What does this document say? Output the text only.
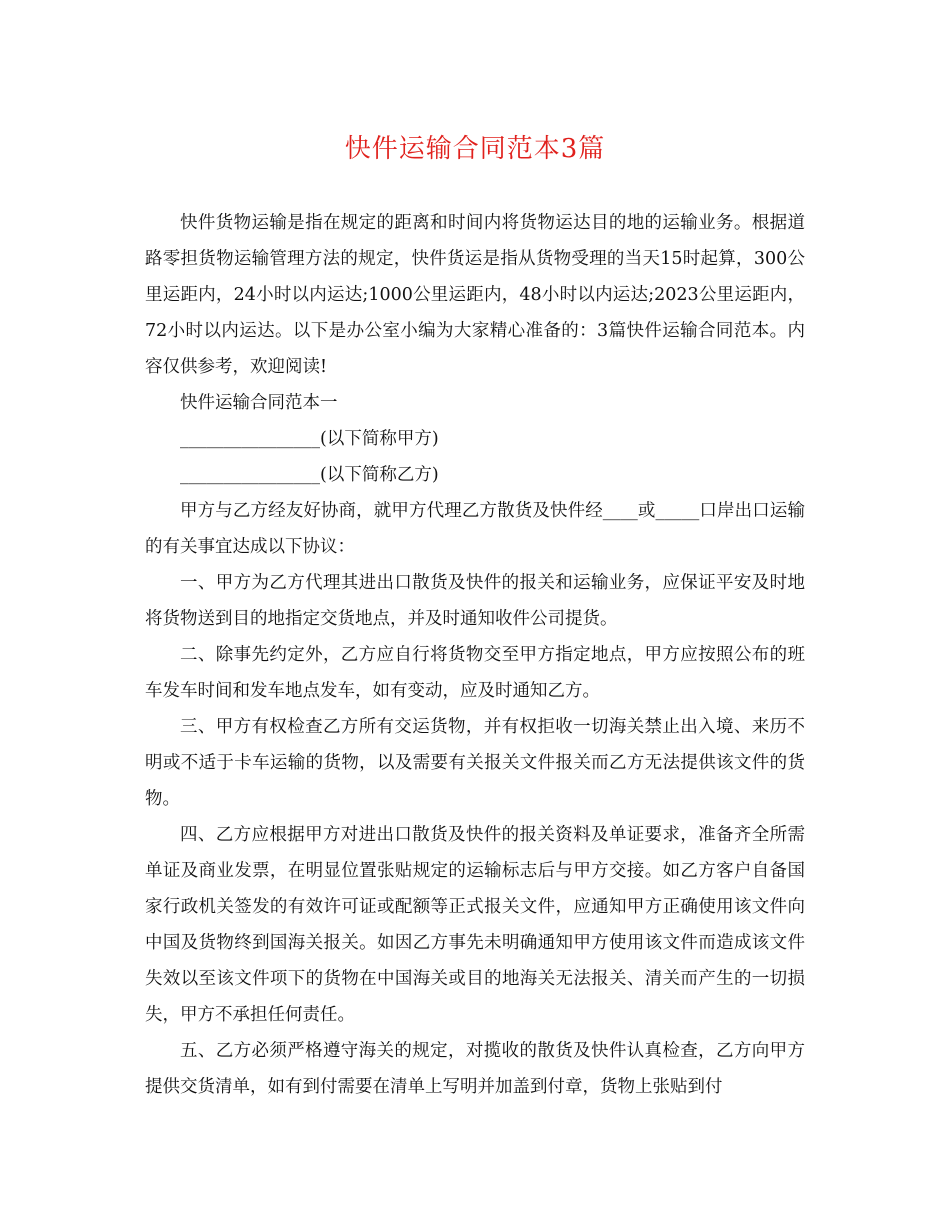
快件运输合同范本3篇

快件货物运输是指在规定的距离和时间内将货物运达目的地的运输业务。根据道路零担货物运输管理方法的规定，快件货运是指从货物受理的当天15时起算，300公里运距内，24小时以内运达;1000公里运距内，48小时以内运达;2023公里运距内，72小时以内运达。以下是办公室小编为大家精心准备的：3篇快件运输合同范本。内容仅供参考，欢迎阅读!

快件运输合同范本一

________________(以下简称甲方)

________________(以下简称乙方)

甲方与乙方经友好协商，就甲方代理乙方散货及快件经____或_____口岸出口运输的有关事宜达成以下协议：

一、甲方为乙方代理其进出口散货及快件的报关和运输业务，应保证平安及时地将货物送到目的地指定交货地点，并及时通知收件公司提货。

二、除事先约定外，乙方应自行将货物交至甲方指定地点，甲方应按照公布的班车发车时间和发车地点发车，如有变动，应及时通知乙方。

三、甲方有权检查乙方所有交运货物，并有权拒收一切海关禁止出入境、来历不明或不适于卡车运输的货物，以及需要有关报关文件报关而乙方无法提供该文件的货物。

四、乙方应根据甲方对进出口散货及快件的报关资料及单证要求，准备齐全所需单证及商业发票，在明显位置张贴规定的运输标志后与甲方交接。如乙方客户自备国家行政机关签发的有效许可证或配额等正式报关文件，应通知甲方正确使用该文件向中国及货物终到国海关报关。如因乙方事先未明确通知甲方使用该文件而造成该文件失效以至该文件项下的货物在中国海关或目的地海关无法报关、清关而产生的一切损失，甲方不承担任何责任。

五、乙方必须严格遵守海关的规定，对揽收的散货及快件认真检查，乙方向甲方提供交货清单，如有到付需要在清单上写明并加盖到付章，货物上张贴到付
